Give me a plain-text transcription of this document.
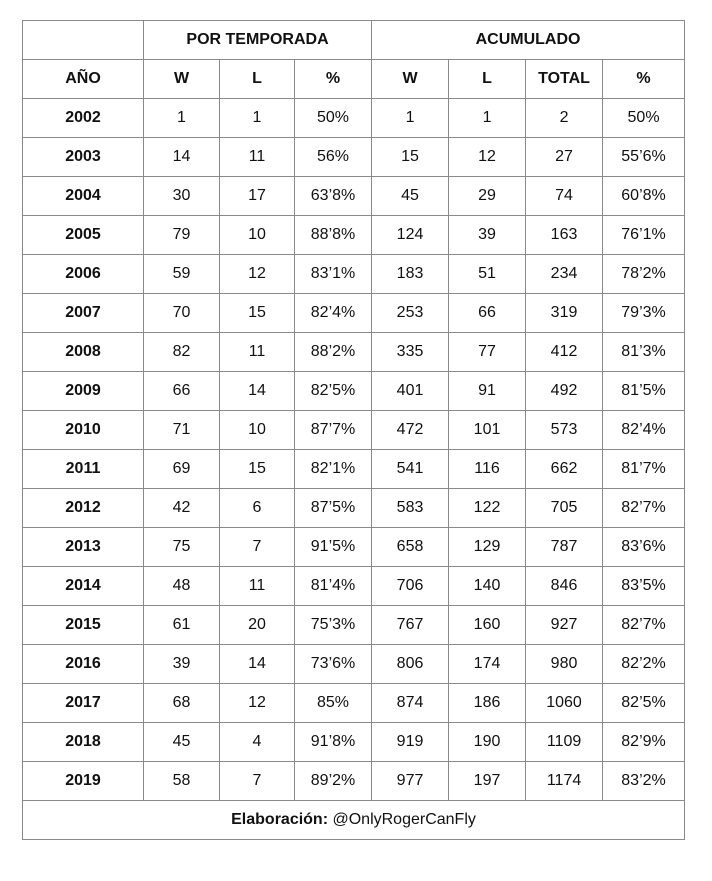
	POR TEMPORADA			ACUMULADO			
AÑO	W	L	%	W	L	TOTAL	%
2002	1	1	50%	1	1	2	50%
2003	14	11	56%	15	12	27	55’6%
2004	30	17	63’8%	45	29	74	60’8%
2005	79	10	88’8%	124	39	163	76’1%
2006	59	12	83’1%	183	51	234	78’2%
2007	70	15	82’4%	253	66	319	79’3%
2008	82	11	88’2%	335	77	412	81’3%
2009	66	14	82’5%	401	91	492	81’5%
2010	71	10	87’7%	472	101	573	82’4%
2011	69	15	82’1%	541	116	662	81’7%
2012	42	6	87’5%	583	122	705	82’7%
2013	75	7	91’5%	658	129	787	83’6%
2014	48	11	81’4%	706	140	846	83’5%
2015	61	20	75’3%	767	160	927	82’7%
2016	39	14	73’6%	806	174	980	82’2%
2017	68	12	85%	874	186	1060	82’5%
2018	45	4	91’8%	919	190	1109	82’9%
2019	58	7	89’2%	977	197	1174	83’2%
Elaboración: @OnlyRogerCanFly							
